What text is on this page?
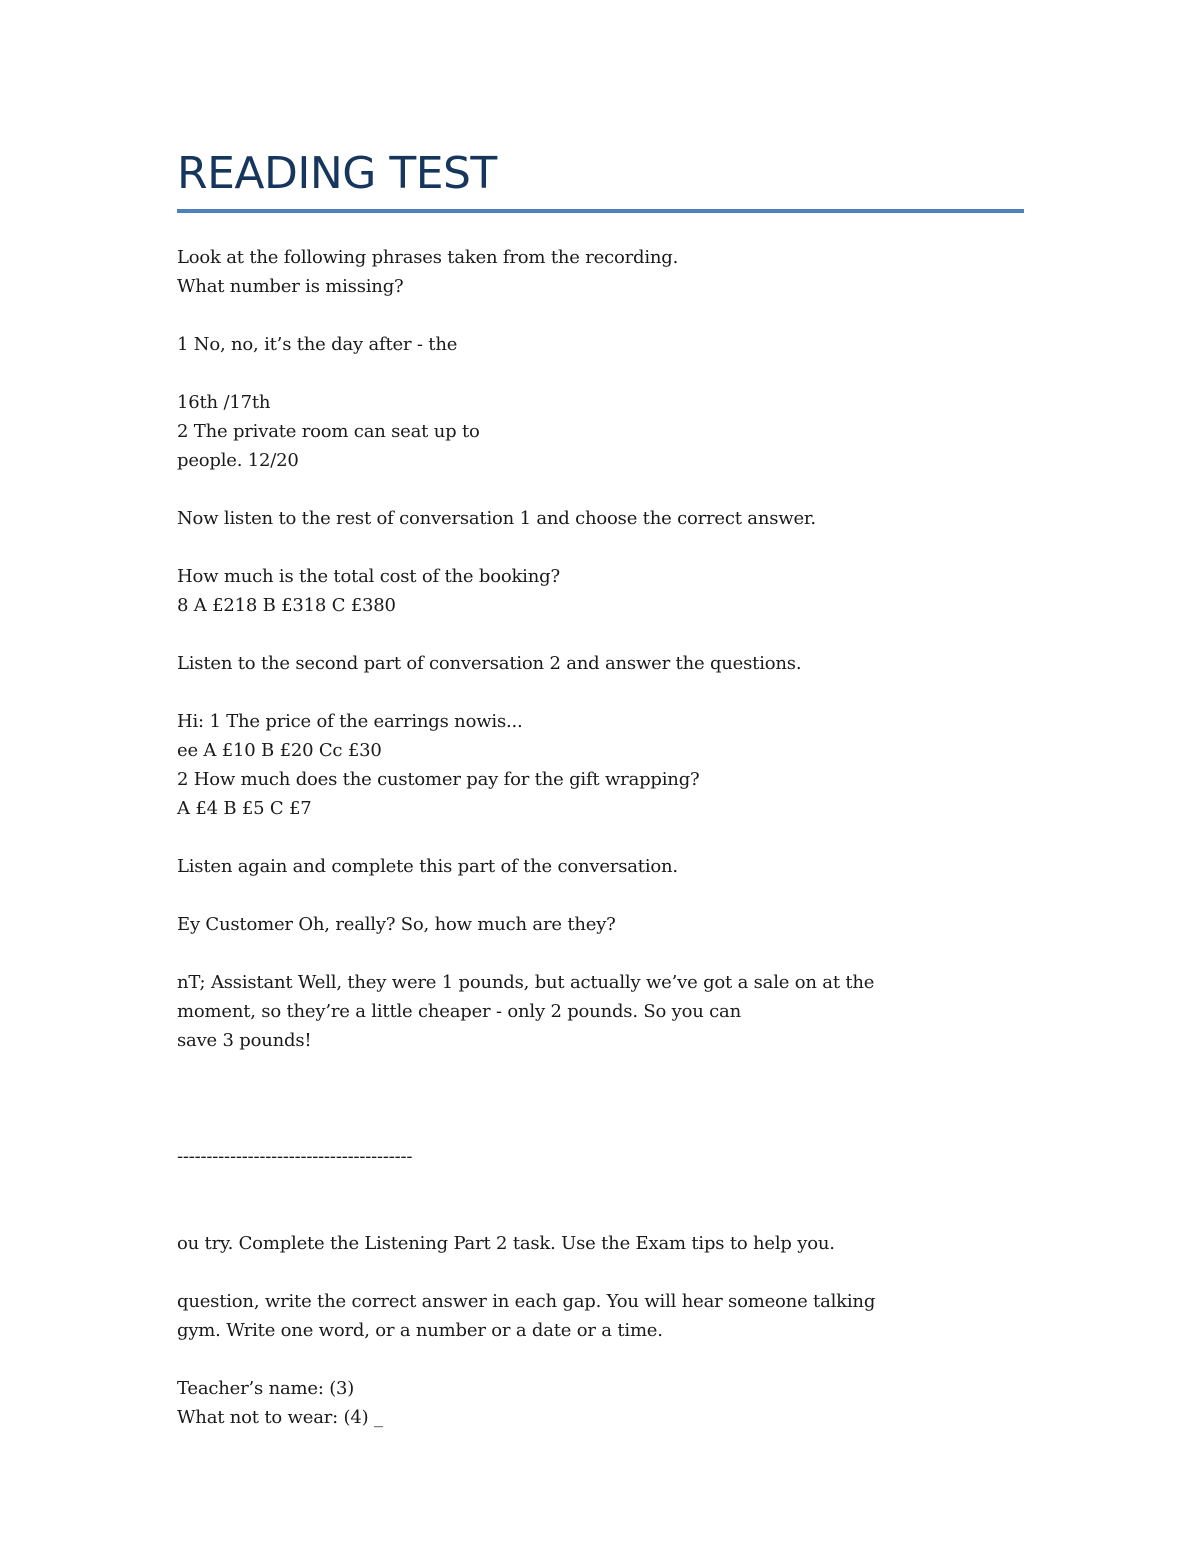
READING TEST
Look at the following phrases taken from the recording.
What number is missing?
1 No, no, it’s the day after - the
16th /17th
2 The private room can seat up to
people. 12/20
Now listen to the rest of conversation 1 and choose the correct answer.
How much is the total cost of the booking?
8 A £218 B £318 C £380
Listen to the second part of conversation 2 and answer the questions.
Hi: 1 The price of the earrings nowis...
ee A £10 B £20 Cc £30
2 How much does the customer pay for the gift wrapping?
A £4 B £5 C £7
Listen again and complete this part of the conversation.
Ey Customer Oh, really? So, how much are they?
nT; Assistant Well, they were 1 pounds, but actually we’ve got a sale on at the
moment, so they’re a little cheaper - only 2 pounds. So you can
save 3 pounds!
----------------------------------------
ou try. Complete the Listening Part 2 task. Use the Exam tips to help you.
question, write the correct answer in each gap. You will hear someone talking
gym. Write one word, or a number or a date or a time.
Teacher’s name: (3)
What not to wear: (4) _
